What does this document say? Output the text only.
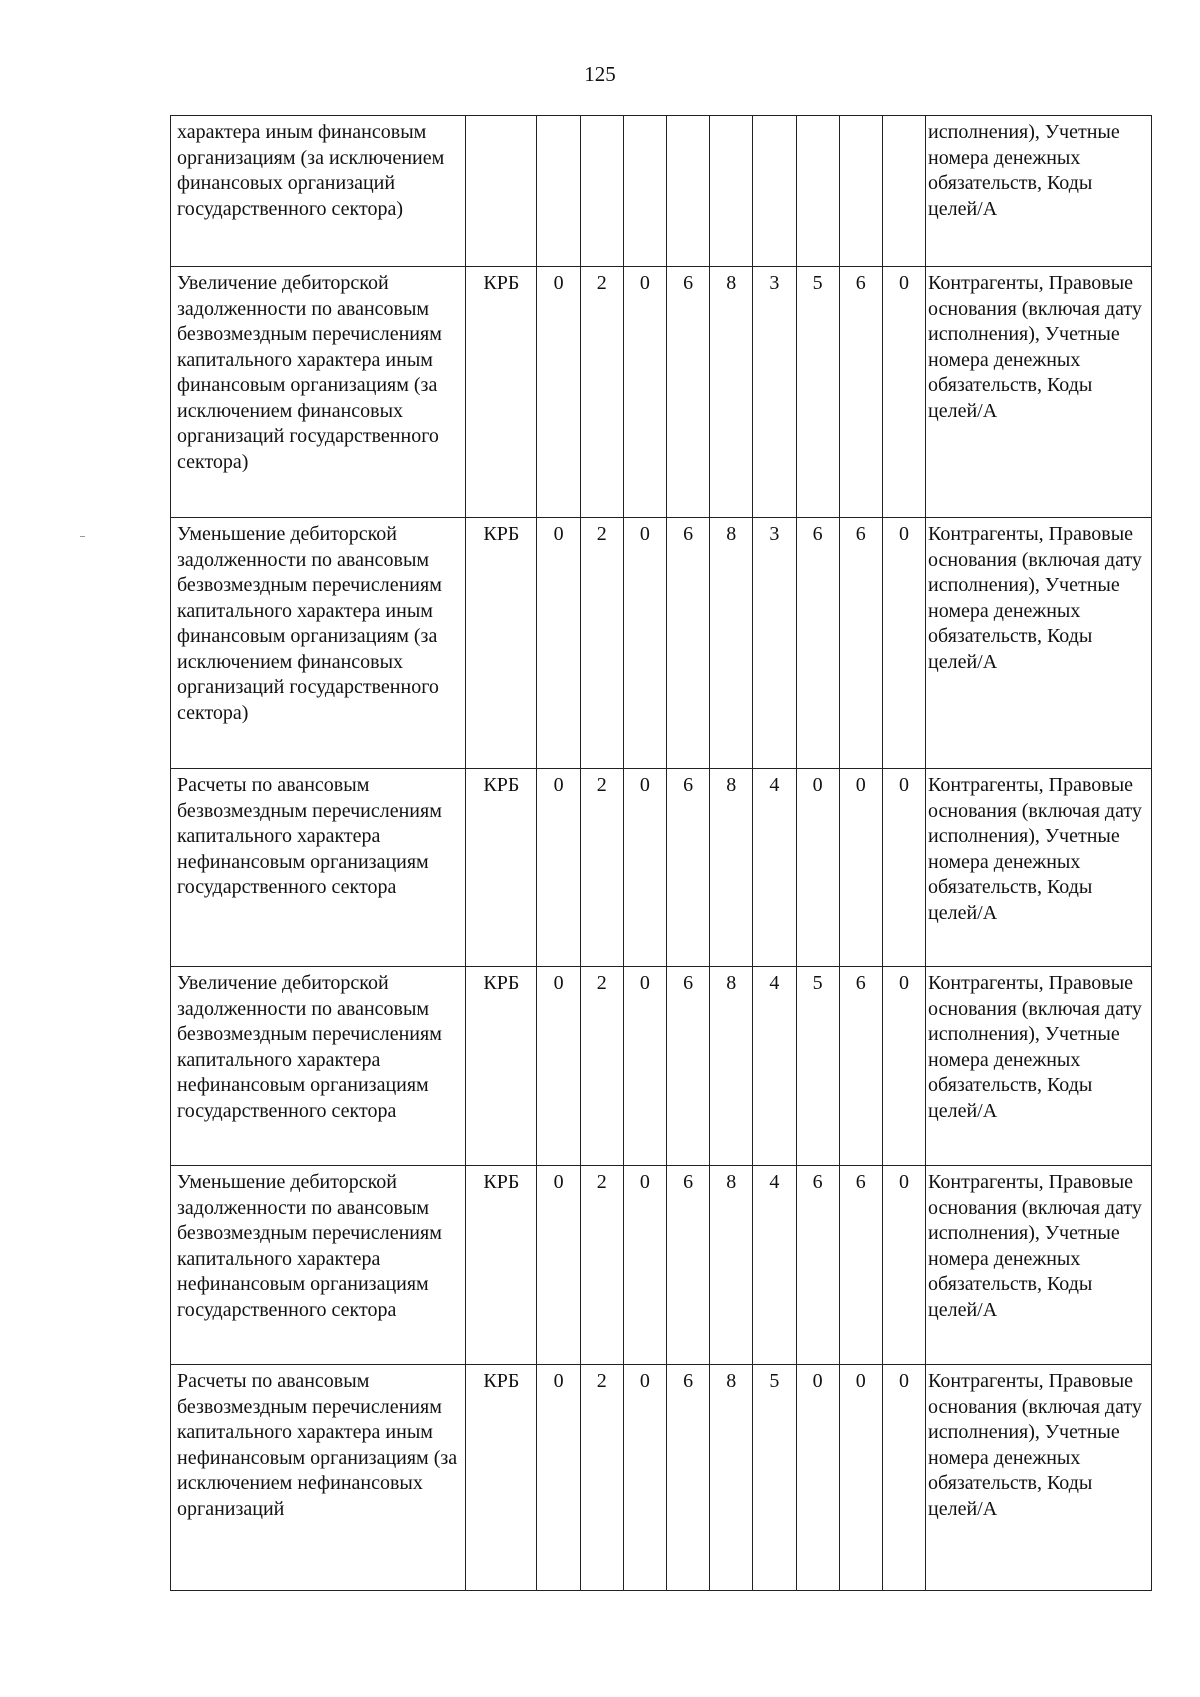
125
характера иным финансовым организациям (за исключением финансовых организаций государственного сектора)											исполнения), Учетные номера денежных обязательств, Коды целей/А
Увеличение дебиторской задолженности по авансовым безвозмездным перечислениям капитального характера иным финансовым организациям (за исключением финансовых организаций государственного сектора)	КРБ	0	2	0	6	8	3	5	6	0	Контрагенты, Правовые основания (включая дату исполнения), Учетные номера денежных обязательств, Коды целей/А
Уменьшение дебиторской задолженности по авансовым безвозмездным перечислениям капитального характера иным финансовым организациям (за исключением финансовых организаций государственного сектора)	КРБ	0	2	0	6	8	3	6	6	0	Контрагенты, Правовые основания (включая дату исполнения), Учетные номера денежных обязательств, Коды целей/А
Расчеты по авансовым безвозмездным перечислениям капитального характера нефинансовым организациям государственного сектора	КРБ	0	2	0	6	8	4	0	0	0	Контрагенты, Правовые основания (включая дату исполнения), Учетные номера денежных обязательств, Коды целей/А
Увеличение дебиторской задолженности по авансовым безвозмездным перечислениям капитального характера нефинансовым организациям государственного сектора	КРБ	0	2	0	6	8	4	5	6	0	Контрагенты, Правовые основания (включая дату исполнения), Учетные номера денежных обязательств, Коды целей/А
Уменьшение дебиторской задолженности по авансовым безвозмездным перечислениям капитального характера нефинансовым организациям государственного сектора	КРБ	0	2	0	6	8	4	6	6	0	Контрагенты, Правовые основания (включая дату исполнения), Учетные номера денежных обязательств, Коды целей/А
Расчеты по авансовым безвозмездным перечислениям капитального характера иным нефинансовым организациям (за исключением нефинансовых организаций	КРБ	0	2	0	6	8	5	0	0	0	Контрагенты, Правовые основания (включая дату исполнения), Учетные номера денежных обязательств, Коды целей/А
